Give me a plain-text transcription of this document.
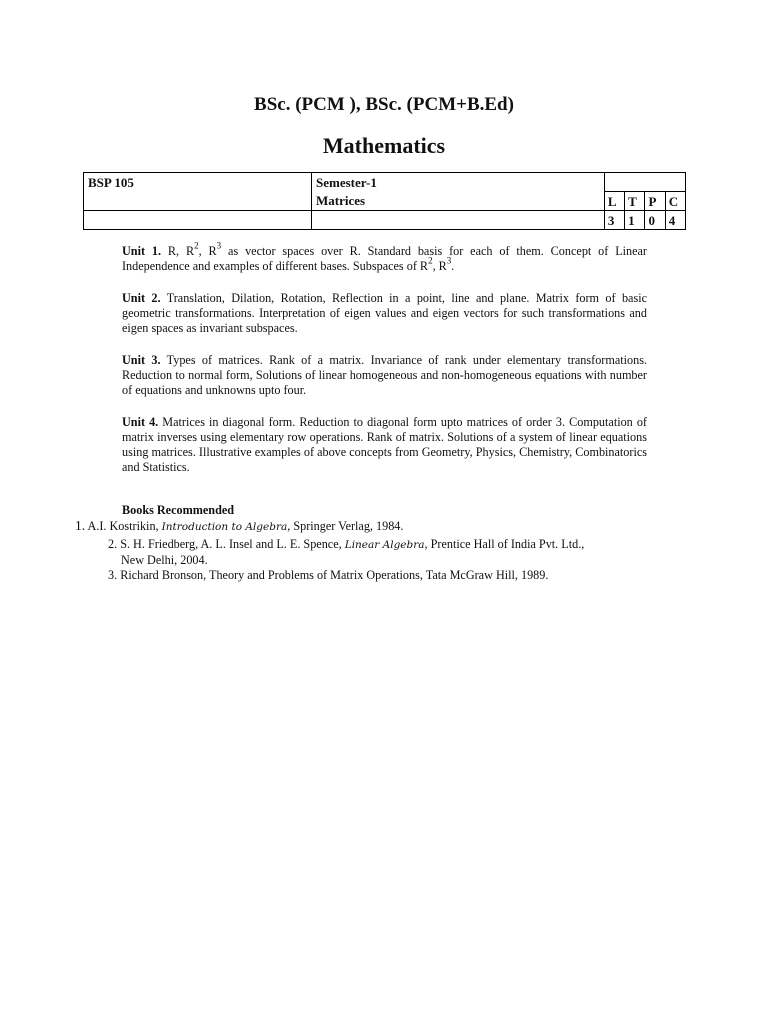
BSc. (PCM ), BSc. (PCM+B.Ed)
Mathematics
BSP 105	Semester-1				
	Matrices	L	T	P	C
		3	1	0	4

Unit 1. R, $R^2$, $R^3$ as vector spaces over R. Standard basis for each of them. Concept of Linear Independence and examples of different bases. Subspaces of $R^2$, $R^3$.

Unit 2. Translation, Dilation, Rotation, Reflection in a point, line and plane. Matrix form of basic geometric transformations. Interpretation of eigen values and eigen vectors for such transformations and eigen spaces as invariant subspaces.

Unit 3. Types of matrices. Rank of a matrix. Invariance of rank under elementary transformations. Reduction to normal form, Solutions of linear homogeneous and non-homogeneous equations with number of equations and unknowns upto four.

Unit 4. Matrices in diagonal form. Reduction to diagonal form upto matrices of order 3. Computation of matrix inverses using elementary row operations. Rank of matrix. Solutions of a system of linear equations using matrices. Illustrative examples of above concepts from Geometry, Physics, Chemistry, Combinatorics and Statistics.

Books Recommended
1. A.I. Kostrikin, Introduction to Algebra, Springer Verlag, 1984.
2. S. H. Friedberg, A. L. Insel and L. E. Spence, Linear Algebra, Prentice Hall of India Pvt. Ltd.,
New Delhi, 2004.
3. Richard Bronson, Theory and Problems of Matrix Operations, Tata McGraw Hill, 1989.
